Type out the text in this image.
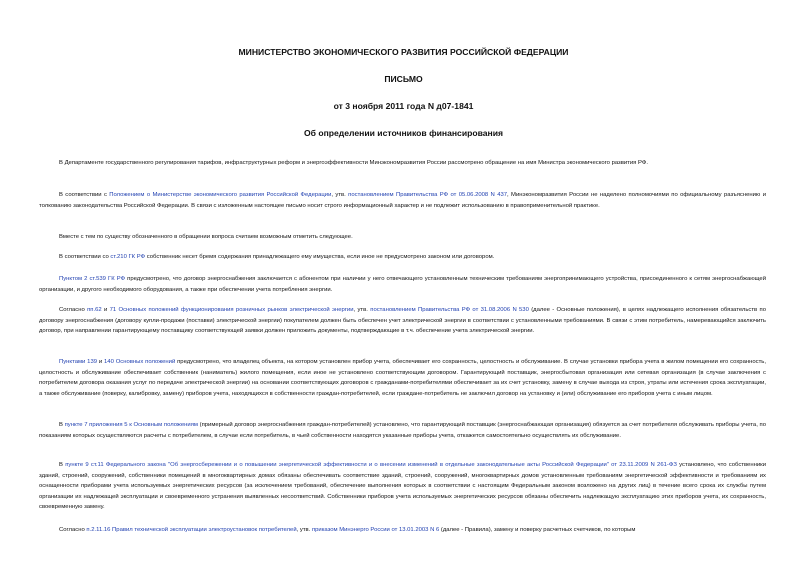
МИНИСТЕРСТВО ЭКОНОМИЧЕСКОГО РАЗВИТИЯ РОССИЙСКОЙ ФЕДЕРАЦИИ
ПИСЬМО
от 3 ноября 2011 года N д07-1841
Об определении источников финансирования

В Департаменте государственного регулирования тарифов, инфраструктурных реформ и энергоэффективности Минэкономразвития России рассмотрено обращение на имя Министра экономического развития РФ.

В соответствии с Положением о Министерстве экономического развития Российской Федерации, утв. постановлением Правительства РФ от 05.06.2008 N 437, Минэкономразвития России не наделено полномочиями по официальному разъяснению и толкованию законодательства Российской Федерации. В связи с изложенным настоящее письмо носит строго информационный характер и не подлежит использованию в правоприменительной практике.

Вместе с тем по существу обозначенного в обращении вопроса считаем возможным отметить следующее.

В соответствии со ст.210 ГК РФ собственник несет бремя содержания принадлежащего ему имущества, если иное не предусмотрено законом или договором.

Пунктом 2 ст.539 ГК РФ предусмотрено, что договор энергоснабжения заключается с абонентом при наличии у него отвечающего установленным техническим требованиям энергопринимающего устройства, присоединенного к сетям энергоснабжающей организации, и другого необходимого оборудования, а также при обеспечении учета потребления энергии.

Согласно пп.62 и 71 Основных положений функционирования розничных рынков электрической энергии, утв. постановлением Правительства РФ от 31.08.2006 N 530 (далее - Основные положения), в целях надлежащего исполнения обязательств по договору энергоснабжения (договору купли-продажи (поставки) электрической энергии) покупателем должен быть обеспечен учет электрической энергии в соответствии с установленными требованиями. В связи с этим потребитель, намеревающийся заключить договор, при направлении гарантирующему поставщику соответствующей заявки должен приложить документы, подтверждающие в т.ч. обеспечение учета электрической энергии.

Пунктами 139 и 140 Основных положений предусмотрено, что владелец объекта, на котором установлен прибор учета, обеспечивает его сохранность, целостность и обслуживание. В случае установки прибора учета в жилом помещении его сохранность, целостность и обслуживание обеспечивает собственник (наниматель) жилого помещения, если иное не установлено соответствующим договором. Гарантирующий поставщик, энергосбытовая организация или сетевая организация (в случае заключения с потребителем договора оказания услуг по передаче электрической энергии) на основании соответствующих договоров с гражданами-потребителями обеспечивает за их счет установку, замену в случае выхода из строя, утраты или истечения срока эксплуатации, а также обслуживание (поверку, калибровку, замену) приборов учета, находящихся в собственности граждан-потребителей, если граждане-потребитель не заключил договор на установку и (или) обслуживание его приборов учета с иным лицом.

В пункте 7 приложения 5 к Основным положениям (примерный договор энергоснабжения граждан-потребителей) установлено, что гарантирующий поставщик (энергоснабжающая организация) обязуется за счет потребителя обслуживать приборы учета, по показаниям которых осуществляются расчеты с потребителем, в случае если потребитель, в чьей собственности находятся указанные приборы учета, откажется самостоятельно осуществлять их обслуживание.

В пункте 9 ст.11 Федерального закона "Об энергосбережении и о повышении энергетической эффективности и о внесении изменений в отдельные законодательные акты Российской Федерации" от 23.11.2009 N 261-ФЗ установлено, что собственники зданий, строений, сооружений, собственники помещений в многоквартирных домах обязаны обеспечивать соответствие зданий, строений, сооружений, многоквартирных домов установленным требованиям энергетической эффективности и требованиям их оснащенности приборами учета используемых энергетических ресурсов (за исключением требований, обеспечение выполнения которых в соответствии с настоящим Федеральным законом возложено на других лиц) в течение всего срока их службы путем организации их надлежащей эксплуатации и своевременного устранения выявленных несоответствий. Собственники приборов учета используемых энергетических ресурсов обязаны обеспечить надлежащую эксплуатацию этих приборов учета, их сохранность, своевременную замену.

Согласно п.2.11.16 Правил технической эксплуатации электроустановок потребителей, утв. приказом Минэнерго России от 13.01.2003 N 6 (далее - Правила), замену и поверку расчетных счетчиков, по которым
